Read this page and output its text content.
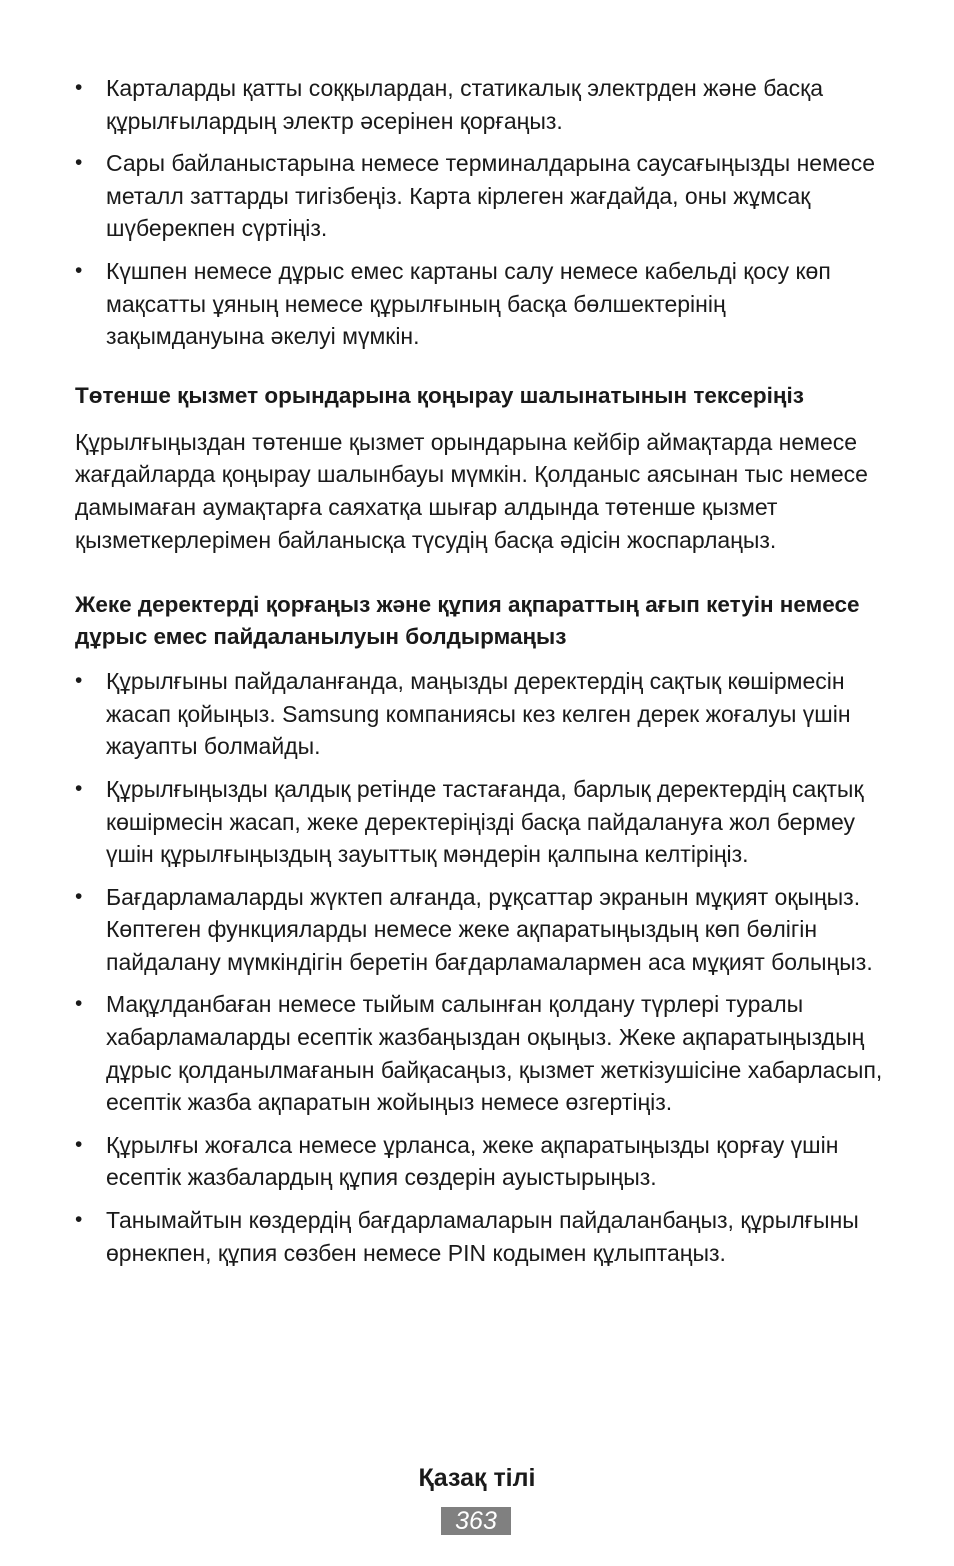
• Карталарды қатты соққылардан, статикалық электрден және басқа құрылғылардың электр әсерінен қорғаңыз.
• Сары байланыстарына немесе терминалдарына саусағыңызды немесе металл заттарды тигізбеңіз. Карта кірлеген жағдайда, оны жұмсақ шүберекпен сүртіңіз.
• Күшпен немесе дұрыс емес картаны салу немесе кабельді қосу көп мақсатты ұяның немесе құрылғының басқа бөлшектерінің зақымдануына әкелуі мүмкін.
Төтенше қызмет орындарына қоңырау шалынатынын тексеріңіз

Құрылғыңыздан төтенше қызмет орындарына кейбір аймақтарда немесе жағдайларда қоңырау шалынбауы мүмкін. Қолданыс аясынан тыс немесе дамымаған аумақтарға саяхатқа шығар алдында төтенше қызмет қызметкерлерімен байланысқа түсудің басқа әдісін жоспарлаңыз.

Жеке деректерді қорғаңыз және құпия ақпараттың ағып кетуін немесе дұрыс емес пайдаланылуын болдырмаңыз
• Құрылғыны пайдаланғанда, маңызды деректердің сақтық көшірмесін жасап қойыңыз. Samsung компаниясы кез келген дерек жоғалуы үшін жауапты болмайды.
• Құрылғыңызды қалдық ретінде тастағанда, барлық деректердің сақтық көшірмесін жасап, жеке деректеріңізді басқа пайдалануға жол бермеу үшін құрылғыңыздың зауыттық мәндерін қалпына келтіріңіз.
• Бағдарламаларды жүктеп алғанда, рұқсаттар экранын мұқият оқыңыз. Көптеген функцияларды немесе жеке ақпаратыңыздың көп бөлігін пайдалану мүмкіндігін беретін бағдарламалармен аса мұқият болыңыз.
• Мақұлданбаған немесе тыйым салынған қолдану түрлері туралы хабарламаларды есептік жазбаңыздан оқыңыз. Жеке ақпаратыңыздың дұрыс қолданылмағанын байқасаңыз, қызмет жеткізушісіне хабарласып, есептік жазба ақпаратын жойыңыз немесе өзгертіңіз.
• Құрылғы жоғалса немесе ұрланса, жеке ақпаратыңызды қорғау үшін есептік жазбалардың құпия сөздерін ауыстырыңыз.
• Танымайтын көздердің бағдарламаларын пайдаланбаңыз, құрылғыны өрнекпен, құпия сөзбен немесе PIN кодымен құлыптаңыз.
Қазақ тілі
363
